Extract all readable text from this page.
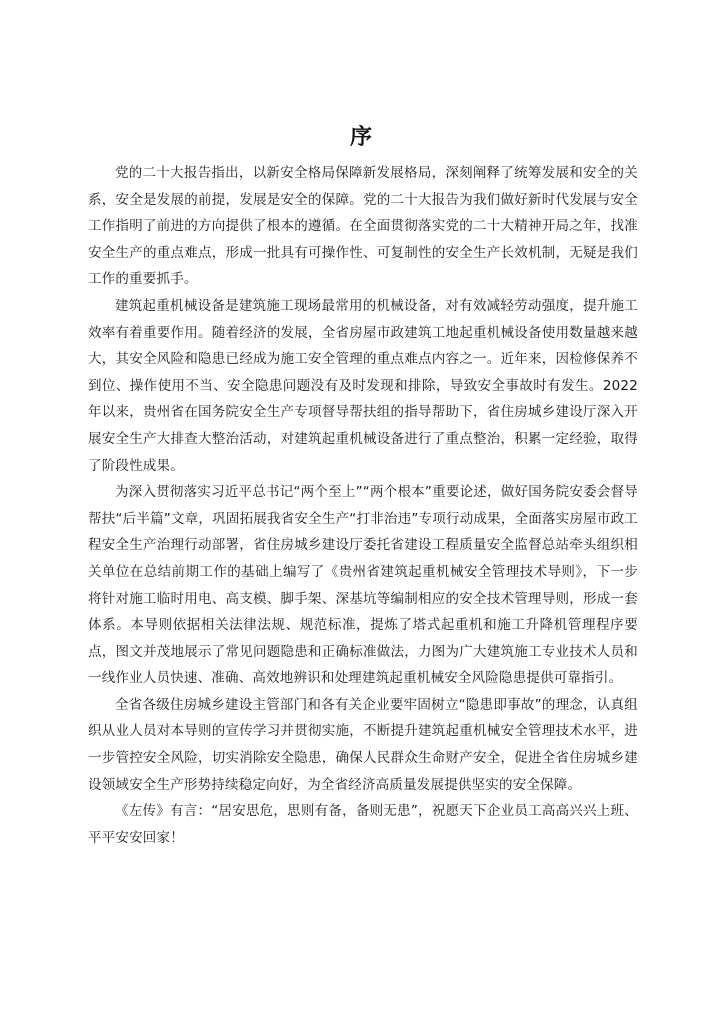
序

党的二十大报告指出，以新安全格局保障新发展格局，深刻阐释了统筹发展和安全的关系，安全是发展的前提，发展是安全的保障。党的二十大报告为我们做好新时代发展与安全工作指明了前进的方向提供了根本的遵循。在全面贯彻落实党的二十大精神开局之年，找准安全生产的重点难点，形成一批具有可操作性、可复制性的安全生产长效机制，无疑是我们工作的重要抓手。

建筑起重机械设备是建筑施工现场最常用的机械设备，对有效减轻劳动强度，提升施工效率有着重要作用。随着经济的发展，全省房屋市政建筑工地起重机械设备使用数量越来越大，其安全风险和隐患已经成为施工安全管理的重点难点内容之一。近年来，因检修保养不到位、操作使用不当、安全隐患问题没有及时发现和排除，导致安全事故时有发生。2022年以来，贵州省在国务院安全生产专项督导帮扶组的指导帮助下，省住房城乡建设厅深入开展安全生产大排查大整治活动，对建筑起重机械设备进行了重点整治，积累一定经验，取得了阶段性成果。

为深入贯彻落实习近平总书记“两个至上”“两个根本”重要论述，做好国务院安委会督导帮扶“后半篇”文章，巩固拓展我省安全生产“打非治违”专项行动成果，全面落实房屋市政工程安全生产治理行动部署，省住房城乡建设厅委托省建设工程质量安全监督总站牵头组织相关单位在总结前期工作的基础上编写了《贵州省建筑起重机械安全管理技术导则》，下一步将针对施工临时用电、高支模、脚手架、深基坑等编制相应的安全技术管理导则，形成一套体系。本导则依据相关法律法规、规范标准，提炼了塔式起重机和施工升降机管理程序要点，图文并茂地展示了常见问题隐患和正确标准做法，力图为广大建筑施工专业技术人员和一线作业人员快速、准确、高效地辨识和处理建筑起重机械安全风险隐患提供可靠指引。

全省各级住房城乡建设主管部门和各有关企业要牢固树立“隐患即事故”的理念，认真组织从业人员对本导则的宣传学习并贯彻实施，不断提升建筑起重机械安全管理技术水平，进一步管控安全风险，切实消除安全隐患，确保人民群众生命财产安全，促进全省住房城乡建设领域安全生产形势持续稳定向好，为全省经济高质量发展提供坚实的安全保障。

《左传》有言：“居安思危，思则有备，备则无患”，祝愿天下企业员工高高兴兴上班、平平安安回家！
